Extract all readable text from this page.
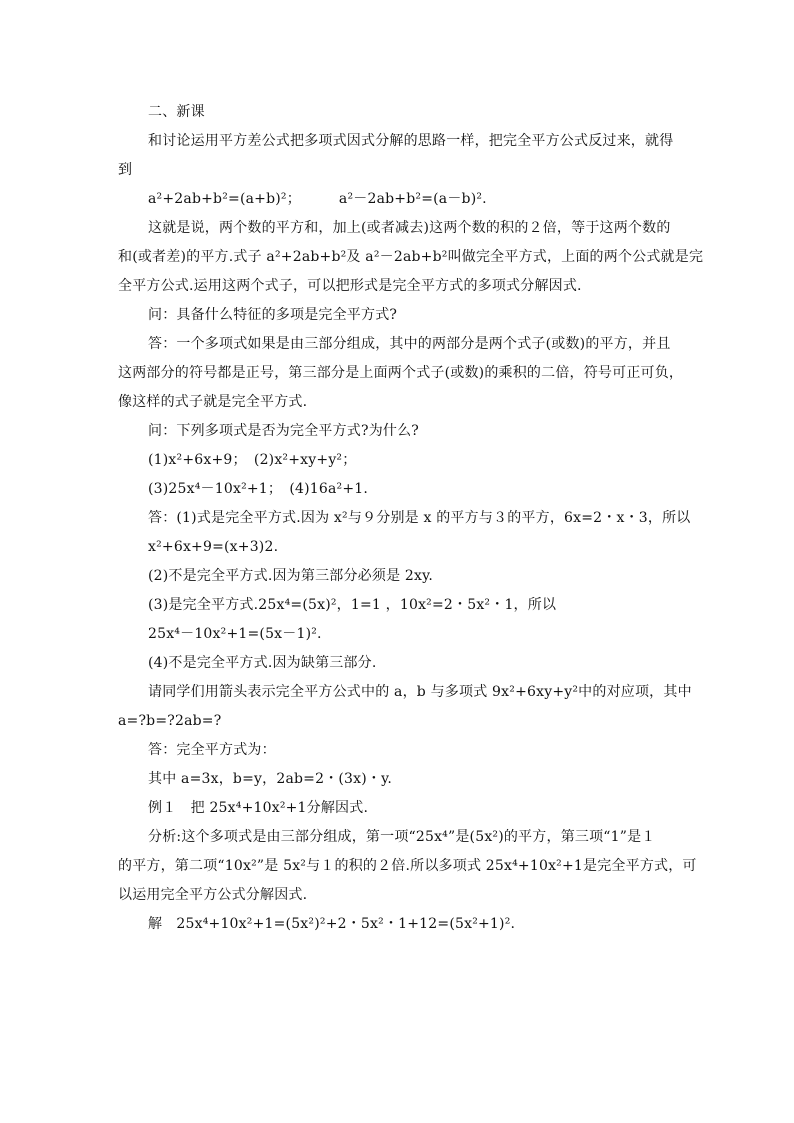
二、新课
和讨论运用平方差公式把多项式因式分解的思路一样，把完全平方公式反过来，就得
到
a²+2ab+b²=(a+b)²；	a²－2ab+b²=(a－b)².
这就是说，两个数的平方和，加上(或者减去)这两个数的积的２倍，等于这两个数的
和(或者差)的平方.式子 a²+2ab+b²及 a²－2ab+b²叫做完全平方式，上面的两个公式就是完
全平方公式.运用这两个式子，可以把形式是完全平方式的多项式分解因式.
问：具备什么特征的多项是完全平方式?
答：一个多项式如果是由三部分组成，其中的两部分是两个式子(或数)的平方，并且
这两部分的符号都是正号，第三部分是上面两个式子(或数)的乘积的二倍，符号可正可负，
像这样的式子就是完全平方式.
问：下列多项式是否为完全平方式?为什么?
(1)x²+6x+9；　(2)x²+xy+y²；
(3)25x⁴－10x²+1；　(4)16a²+1.
答：(1)式是完全平方式.因为 x²与９分别是 x 的平方与３的平方，6x=2・x・3，所以
x²+6x+9=(x+3)2.
(2)不是完全平方式.因为第三部分必须是 2xy.
(3)是完全平方式.25x⁴=(5x)²，1=1 ，10x²=2・5x²・1，所以
25x⁴－10x²+1=(5x－1)².
(4)不是完全平方式.因为缺第三部分.
请同学们用箭头表示完全平方公式中的 a，b 与多项式 9x²+6xy+y²中的对应项，其中
a=?b=?2ab=?
答：完全平方式为：
其中 a=3x，b=y，2ab=2・(3x)・y.
例１　把 25x⁴+10x²+1分解因式.
分析:这个多项式是由三部分组成，第一项“25x⁴”是(5x²)的平方，第三项“1”是１
的平方，第二项“10x²”是 5x²与１的积的２倍.所以多项式 25x⁴+10x²+1是完全平方式，可
以运用完全平方公式分解因式.
解　25x⁴+10x²+1=(5x²)²+2・5x²・1+12=(5x²+1)².
